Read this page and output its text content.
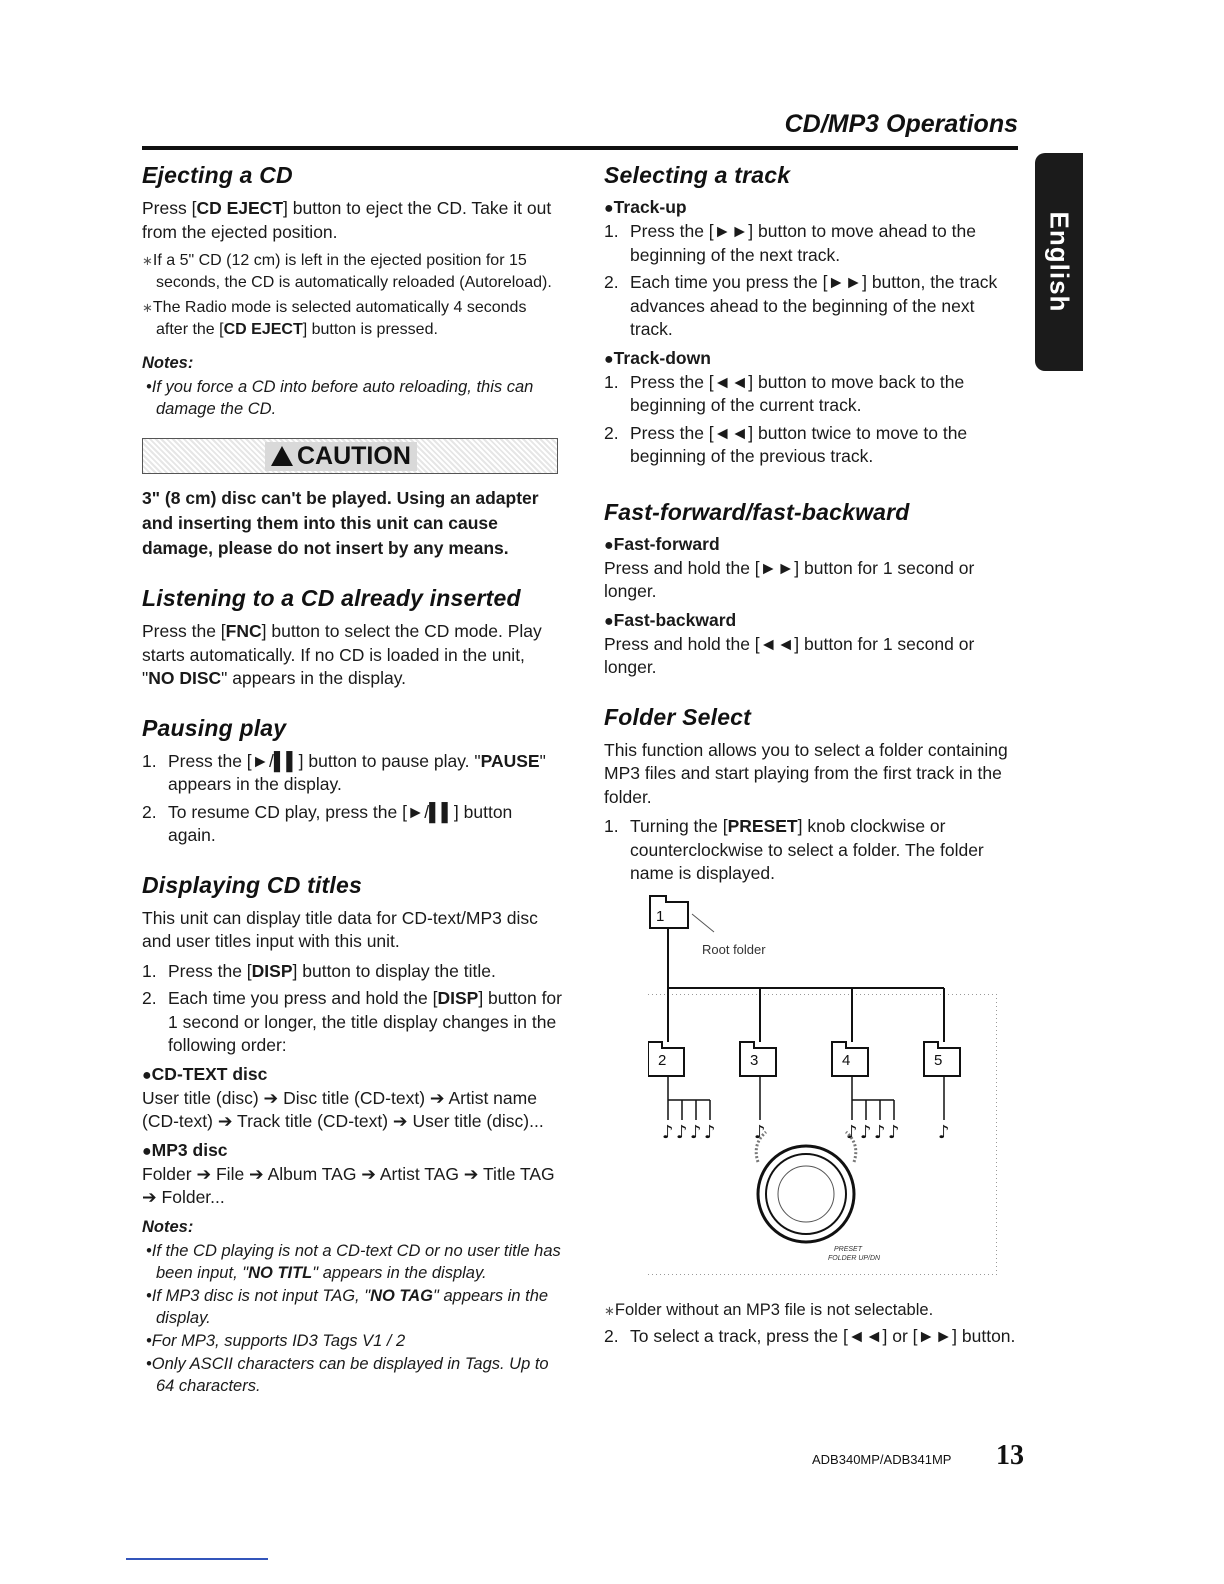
CD/MP3 Operations
English
Ejecting a CD

Press [CD EJECT] button to eject the CD. Take it out from the ejected position.

∗ If a 5" CD (12 cm) is left in the ejected position for 15 seconds, the CD is automatically reloaded (Autoreload).

∗ The Radio mode is selected automatically 4 seconds after the [CD EJECT] button is pressed.

Notes:

• If you force a CD into before auto reloading, this can damage the CD.

CAUTION

3" (8 cm) disc can't be played. Using an adapter and inserting them into this unit can cause damage, please do not insert by any means.

Listening to a CD already inserted

Press the [FNC] button to select the CD mode. Play starts automatically. If no CD is loaded in the unit, "NO DISC" appears in the display.

Pausing play
1. Press the [►/▌▌] button to pause play. "PAUSE" appears in the display.
2. To resume CD play, press the [►/▌▌] button again.
Displaying CD titles

This unit can display title data for CD-text/MP3 disc and user titles input with this unit.

1. Press the [DISP] button to display the title.
2. Each time you press and hold the [DISP] button for 1 second or longer, the title display changes in the following order:
● CD-TEXT disc

User title (disc) ➔ Disc title (CD-text) ➔ Artist name (CD-text) ➔ Track title (CD-text) ➔ User title (disc)...

● MP3 disc

Folder ➔ File ➔ Album TAG ➔ Artist TAG ➔ Title TAG ➔ Folder...

Notes:

• If the CD playing is not a CD-text CD or no user title has been input, "NO TITL" appears in the display.

• If MP3 disc is not input TAG, "NO TAG" appears in the display.

• For MP3, supports ID3 Tags V1 / 2

• Only ASCII characters can be displayed in Tags. Up to 64 characters.

Selecting a track
● Track-up
1. Press the [►►] button to move ahead to the beginning of the next track.
2. Each time you press the [►►] button, the track advances ahead to the beginning of the next track.
● Track-down
1. Press the [◄◄] button to move back to the beginning of the current track.
2. Press the [◄◄] button twice to move to the beginning of the previous track.
Fast-forward/fast-backward
● Fast-forward

Press and hold the [►►] button for 1 second or longer.

● Fast-backward

Press and hold the [◄◄] button for 1 second or longer.

Folder Select

This function allows you to select a folder containing MP3 files and start playing from the first track in the folder.

1. Turning the [PRESET] knob clockwise or counterclockwise to select a folder. The folder name is displayed.
♪ ♪ ♪ ♪ ♪	♪ ♪ ♪ ♪ ♪
Root folder
1
2	3	4	5
PRESET
FOLDER UP/DN

∗ Folder without an MP3 file is not selectable.

2. To select a track, press the [◄◄] or [►►] button.
ADB340MP/ADB341MP 13
